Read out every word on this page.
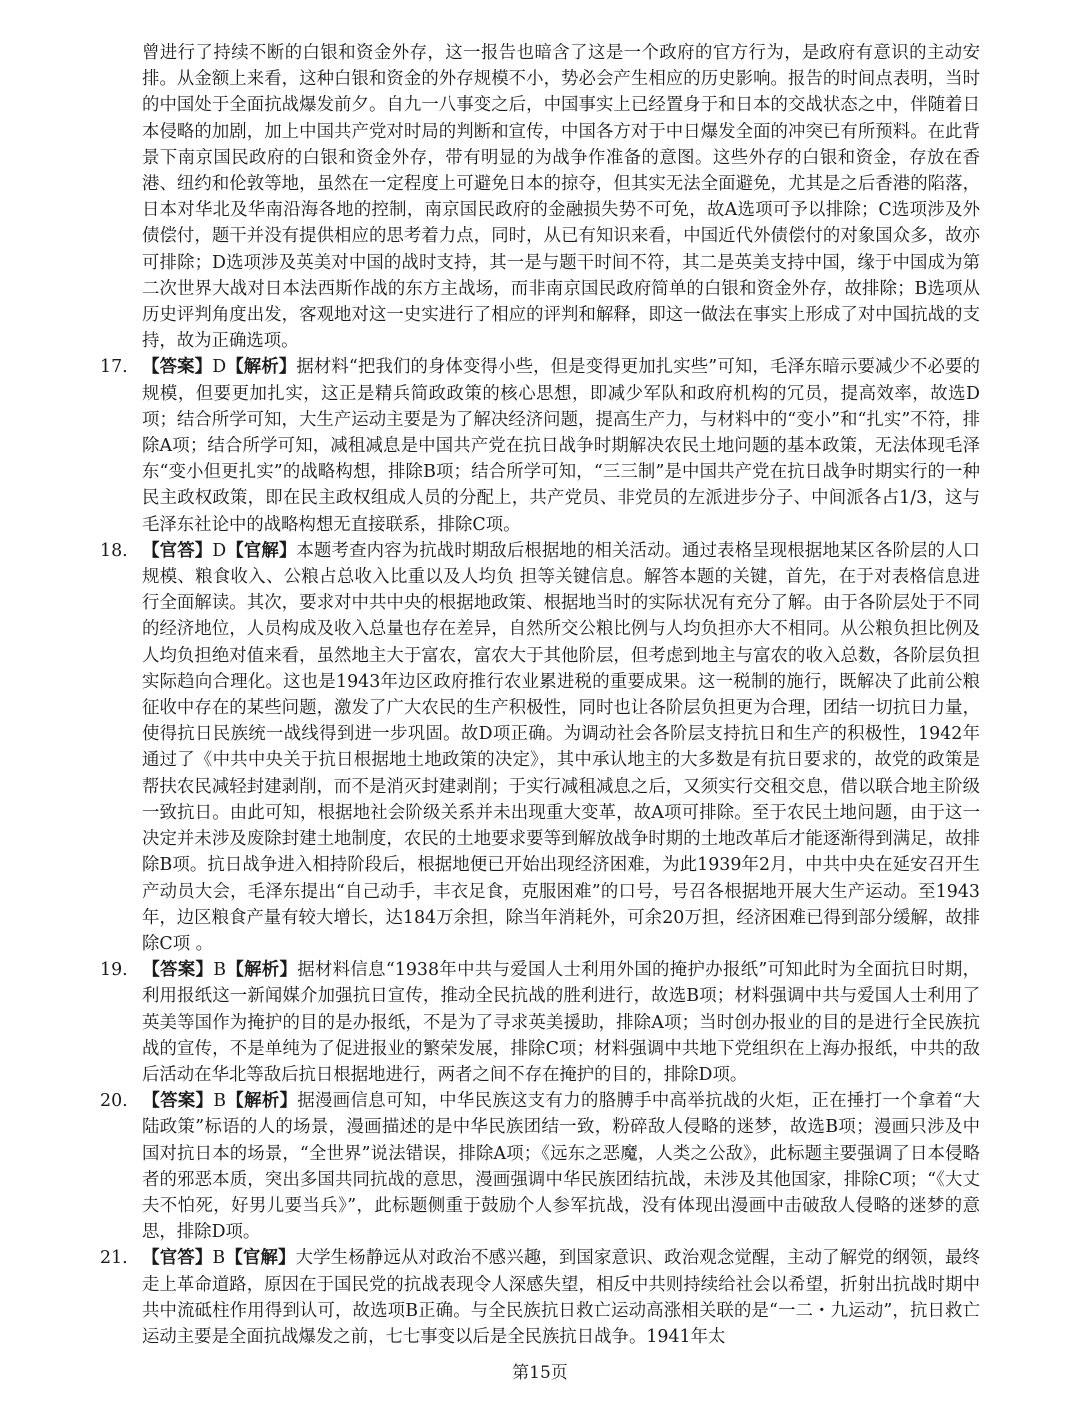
曾进行了持续不断的白银和资金外存，这一报告也暗含了这是一个政府的官方行为，是政府有意识的主动安排。从金额上来看，这种白银和资金的外存规模不小，势必会产生相应的历史影响。报告的时间点表明，当时的中国处于全面抗战爆发前夕。自九一八事变之后，中国事实上已经置身于和日本的交战状态之中，伴随着日本侵略的加剧，加上中国共产党对时局的判断和宣传，中国各方对于中日爆发全面的冲突已有所预料。在此背景下南京国民政府的白银和资金外存，带有明显的为战争作准备的意图。这些外存的白银和资金，存放在香港、纽约和伦敦等地，虽然在一定程度上可避免日本的掠夺，但其实无法全面避免，尤其是之后香港的陷落，日本对华北及华南沿海各地的控制，南京国民政府的金融损失势不可免，故A选项可予以排除；C选项涉及外债偿付，题干并没有提供相应的思考着力点，同时，从已有知识来看，中国近代外债偿付的对象国众多，故亦可排除；D选项涉及英美对中国的战时支持，其一是与题干时间不符，其二是英美支持中国，缘于中国成为第二次世界大战对日本法西斯作战的东方主战场，而非南京国民政府简单的白银和资金外存，故排除；B选项从历史评判角度出发，客观地对这一史实进行了相应的评判和解释，即这一做法在事实上形成了对中国抗战的支持，故为正确选项。

17. 【答案】D【解析】据材料“把我们的身体变得小些，但是变得更加扎实些”可知，毛泽东暗示要减少不必要的规模，但要更加扎实，这正是精兵简政政策的核心思想，即减少军队和政府机构的冗员，提高效率，故选D项；结合所学可知，大生产运动主要是为了解决经济问题，提高生产力，与材料中的“变小”和“扎实”不符，排除A项；结合所学可知，减租减息是中国共产党在抗日战争时期解决农民土地问题的基本政策，无法体现毛泽东“变小但更扎实”的战略构想，排除B项；结合所学可知，“三三制”是中国共产党在抗日战争时期实行的一种民主政权政策，即在民主政权组成人员的分配上，共产党员、非党员的左派进步分子、中间派各占1/3，这与毛泽东社论中的战略构想无直接联系，排除C项。

18. 【官答】D【官解】本题考查内容为抗战时期敌后根据地的相关活动。通过表格呈现根据地某区各阶层的人口规模、粮食收入、公粮占总收入比重以及人均负 担等关键信息。解答本题的关键，首先，在于对表格信息进行全面解读。其次，要求对中共中央的根据地政策、根据地当时的实际状况有充分了解。由于各阶层处于不同的经济地位，人员构成及收入总量也存在差异，自然所交公粮比例与人均负担亦大不相同。从公粮负担比例及人均负担绝对值来看，虽然地主大于富农，富农大于其他阶层，但考虑到地主与富农的收入总数，各阶层负担实际趋向合理化。这也是1943年边区政府推行农业累进税的重要成果。这一税制的施行，既解决了此前公粮征收中存在的某些问题，激发了广大农民的生产积极性，同时也让各阶层负担更为合理，团结一切抗日力量，使得抗日民族统一战线得到进一步巩固。故D项正确。为调动社会各阶层支持抗日和生产的积极性，1942年通过了《中共中央关于抗日根据地土地政策的决定》，其中承认地主的大多数是有抗日要求的，故党的政策是帮扶农民减轻封建剥削，而不是消灭封建剥削；于实行减租减息之后，又须实行交租交息，借以联合地主阶级一致抗日。由此可知，根据地社会阶级关系并未出现重大变革，故A项可排除。至于农民土地问题，由于这一决定并未涉及废除封建土地制度，农民的土地要求要等到解放战争时期的土地改革后才能逐渐得到满足，故排除B项。抗日战争进入相持阶段后，根据地便已开始出现经济困难，为此1939年2月，中共中央在延安召开生产动员大会，毛泽东提出“自己动手，丰衣足食，克服困难”的口号，号召各根据地开展大生产运动。至1943年，边区粮食产量有较大增长，达184万余担，除当年消耗外，可余20万担，经济困难已得到部分缓解，故排除C项 。

19. 【答案】B【解析】据材料信息“1938年中共与爱国人士利用外国的掩护办报纸”可知此时为全面抗日时期，利用报纸这一新闻媒介加强抗日宣传，推动全民抗战的胜利进行，故选B项；材料强调中共与爱国人士利用了英美等国作为掩护的目的是办报纸，不是为了寻求英美援助，排除A项；当时创办报业的目的是进行全民族抗战的宣传，不是单纯为了促进报业的繁荣发展，排除C项；材料强调中共地下党组织在上海办报纸，中共的敌后活动在华北等敌后抗日根据地进行，两者之间不存在掩护的目的，排除D项。

20. 【答案】B【解析】据漫画信息可知，中华民族这支有力的胳膊手中高举抗战的火炬，正在捶打一个拿着“大陆政策”标语的人的场景，漫画描述的是中华民族团结一致，粉碎敌人侵略的迷梦，故选B项；漫画只涉及中国对抗日本的场景，“全世界”说法错误，排除A项；《远东之恶魔，人类之公敌》，此标题主要强调了日本侵略者的邪恶本质，突出多国共同抗战的意思，漫画强调中华民族团结抗战，未涉及其他国家，排除C项；“《大丈夫不怕死，好男儿要当兵》”，此标题侧重于鼓励个人参军抗战，没有体现出漫画中击破敌人侵略的迷梦的意思，排除D项。

21. 【官答】B【官解】大学生杨静远从对政治不感兴趣，到国家意识、政治观念觉醒，主动了解党的纲领，最终走上革命道路，原因在于国民党的抗战表现令人深感失望，相反中共则持续给社会以希望，折射出抗战时期中共中流砥柱作用得到认可，故选项B正确。与全民族抗日救亡运动高涨相关联的是“一二・九运动”，抗日救亡运动主要是全面抗战爆发之前，七七事变以后是全民族抗日战争。1941年太

第15页
